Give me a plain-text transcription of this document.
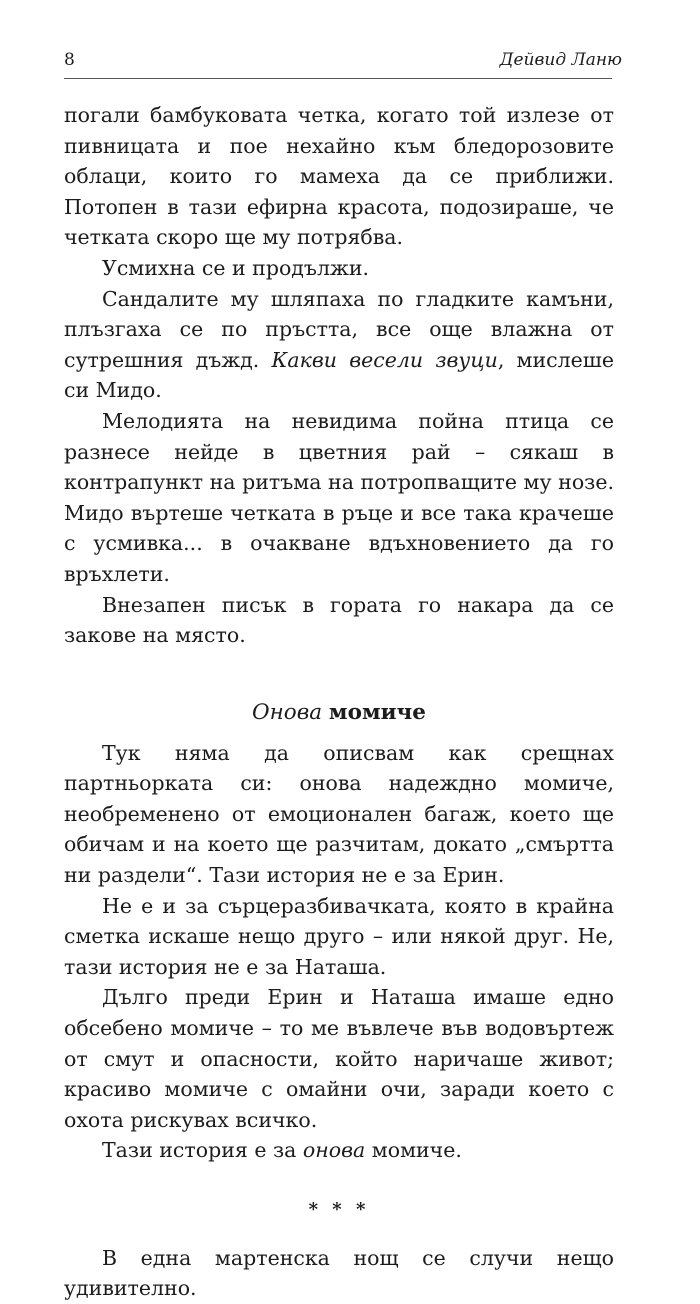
8	Дейвид Ланю

погали бамбуковата четка, когато той излезе от пивницата и пое нехайно към бледорозовите облаци, които го мамеха да се приближи. Потопен в тази ефирна красота, подозираше, че четката скоро ще му потрябва.

Усмихна се и продължи.

Сандалите му шляпаха по гладките камъни, плъзгаха се по пръстта, все още влажна от сутрешния дъжд. Какви весели звуци, мислеше си Мидо.

Мелодията на невидима пойна птица се разнесе нейде в цветния рай – сякаш в контрапункт на ритъма на потропващите му нозе. Мидо въртеше четката в ръце и все така крачеше с усмивка... в очакване вдъхновението да го връхлети.

Внезапен писък в гората го накара да се закове на място.

Онова момиче

Тук няма да описвам как срещнах партньорката си: онова надеждно момиче, необременено от емоционален багаж, което ще обичам и на което ще разчитам, докато „смъртта ни раздели“. Тази история не е за Ерин.

Не е и за сърцеразбивачката, която в крайна сметка искаше нещо друго – или някой друг. Не, тази история не е за Наташа.

Дълго преди Ерин и Наташа имаше едно обсебено момиче – то ме въвлече във водовъртеж от смут и опасности, който наричаше живот; красиво момиче с омайни очи, заради което с охота рискувах всичко.

Тази история е за онова момиче.

* * *

В една мартенска нощ се случи нещо удивително.
